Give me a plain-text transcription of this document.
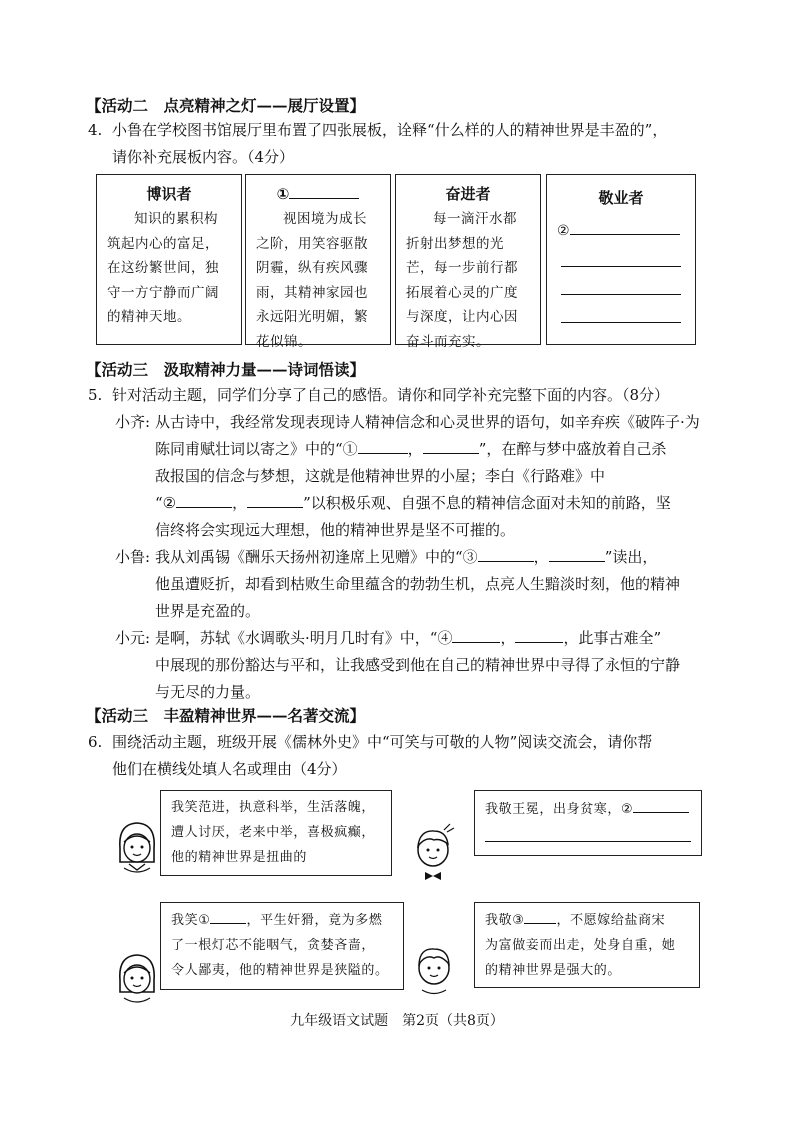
【活动二　点亮精神之灯——展厅设置】
4. 小鲁在学校图书馆展厅里布置了四张展板，诠释“什么样的人的精神世界是丰盈的”，
请你补充展板内容。（4分）
博识者
知识的累积构筑起内心的富足，在这纷繁世间，独守一方宁静而广阔的精神天地。
①
视困境为成长之阶，用笑容驱散阴霾，纵有疾风骤雨，其精神家园也永远阳光明媚，繁花似锦。
奋进者
每一滴汗水都折射出梦想的光芒，每一步前行都拓展着心灵的广度与深度，让内心因奋斗而充实。
敬业者
②
【活动三　汲取精神力量——诗词悟读】
5. 针对活动主题，同学们分享了自己的感悟。请你和同学补充完整下面的内容。（8分）
小齐: 从古诗中，我经常发现表现诗人精神信念和心灵世界的语句，如辛弃疾《破阵子·为
陈同甫赋壮词以寄之》中的“①	，	”，在醉与梦中盛放着自己杀
敌报国的信念与梦想，这就是他精神世界的小屋；李白《行路难》中
“②	，	”以积极乐观、自强不息的精神信念面对未知的前路，坚
信终将会实现远大理想，他的精神世界是坚不可摧的。
小鲁: 我从刘禹锡《酬乐天扬州初逢席上见赠》中的“③	，	”读出，
他虽遭贬折，却看到枯败生命里蕴含的勃勃生机，点亮人生黯淡时刻，他的精神
世界是充盈的。
小元: 是啊，苏轼《水调歌头·明月几时有》中，“④	，	，此事古难全”
中展现的那份豁达与平和，让我感受到他在自己的精神世界中寻得了永恒的宁静
与无尽的力量。
【活动三　丰盈精神世界——名著交流】
6. 围绕活动主题，班级开展《儒林外史》中“可笑与可敬的人物”阅读交流会，请你帮
他们在横线处填人名或理由（4分）
我笑范进，执意科举，生活落魄，
遭人讨厌，老来中举，喜极疯癫，
他的精神世界是扭曲的
我敬王冕，出身贫寒，②
我笑①	，平生奸猾，竟为多燃
了一根灯芯不能咽气，贪婪吝啬，
令人鄙夷，他的精神世界是狭隘的。
我敬③ ，不愿嫁给盐商宋
为富做妾而出走，处身自重，她
的精神世界是强大的。
九年级语文试题　第2页（共8页）
